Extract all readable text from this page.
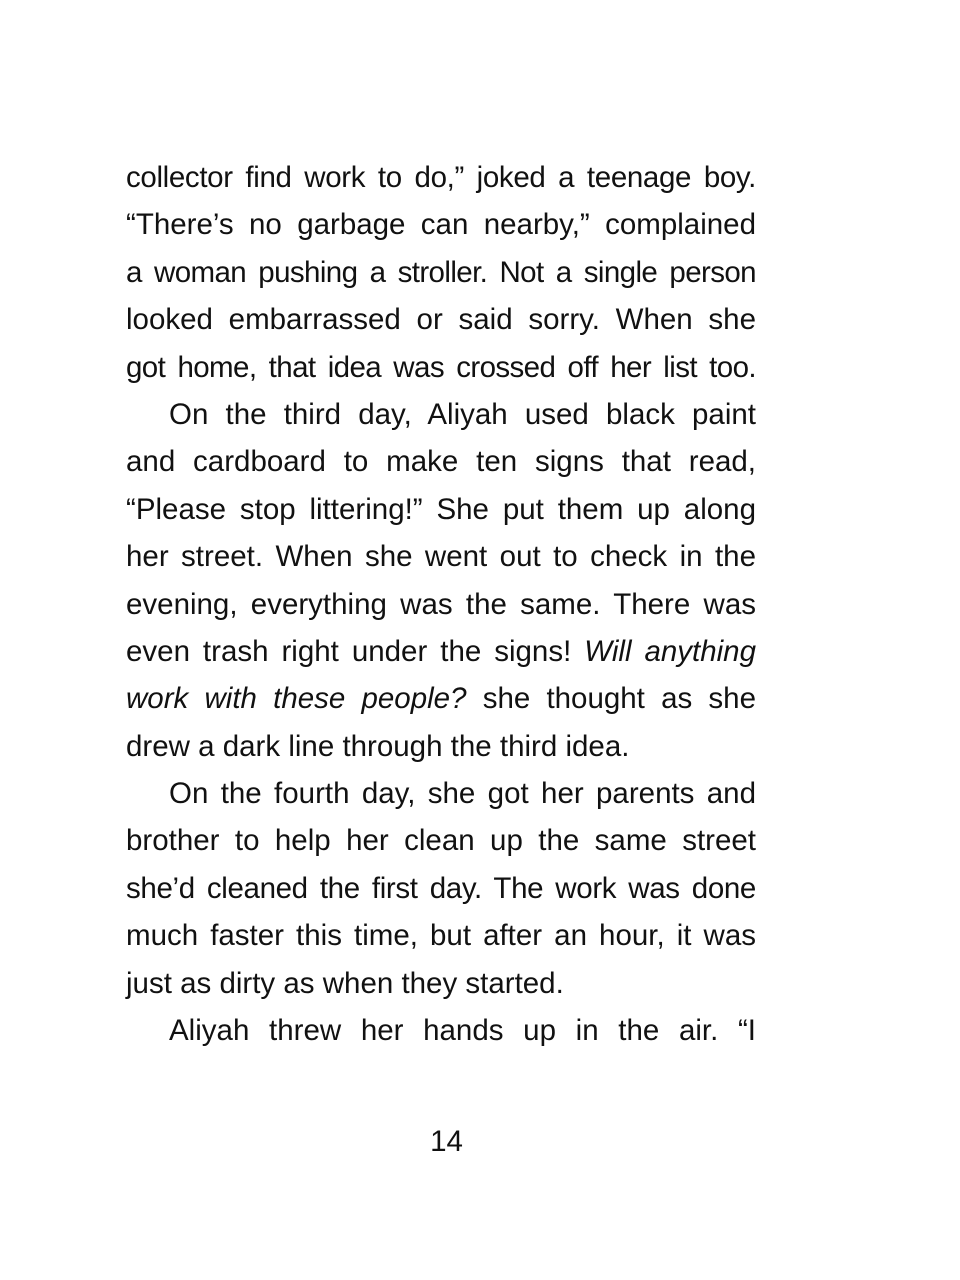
collector find work to do,” joked a teenage boy.
“There’s no garbage can nearby,” complained
a woman pushing a stroller. Not a single person
looked embarrassed or said sorry. When she
got home, that idea was crossed off her list too.
On the third day, Aliyah used black paint
and cardboard to make ten signs that read,
“Please stop littering!” She put them up along
her street. When she went out to check in the
evening, everything was the same. There was
even trash right under the signs! Will anything
work with these people? she thought as she
drew a dark line through the third idea.
On the fourth day, she got her parents and
brother to help her clean up the same street
she’d cleaned the first day. The work was done
much faster this time, but after an hour, it was
just as dirty as when they started.
Aliyah threw her hands up in the air. “I
14
